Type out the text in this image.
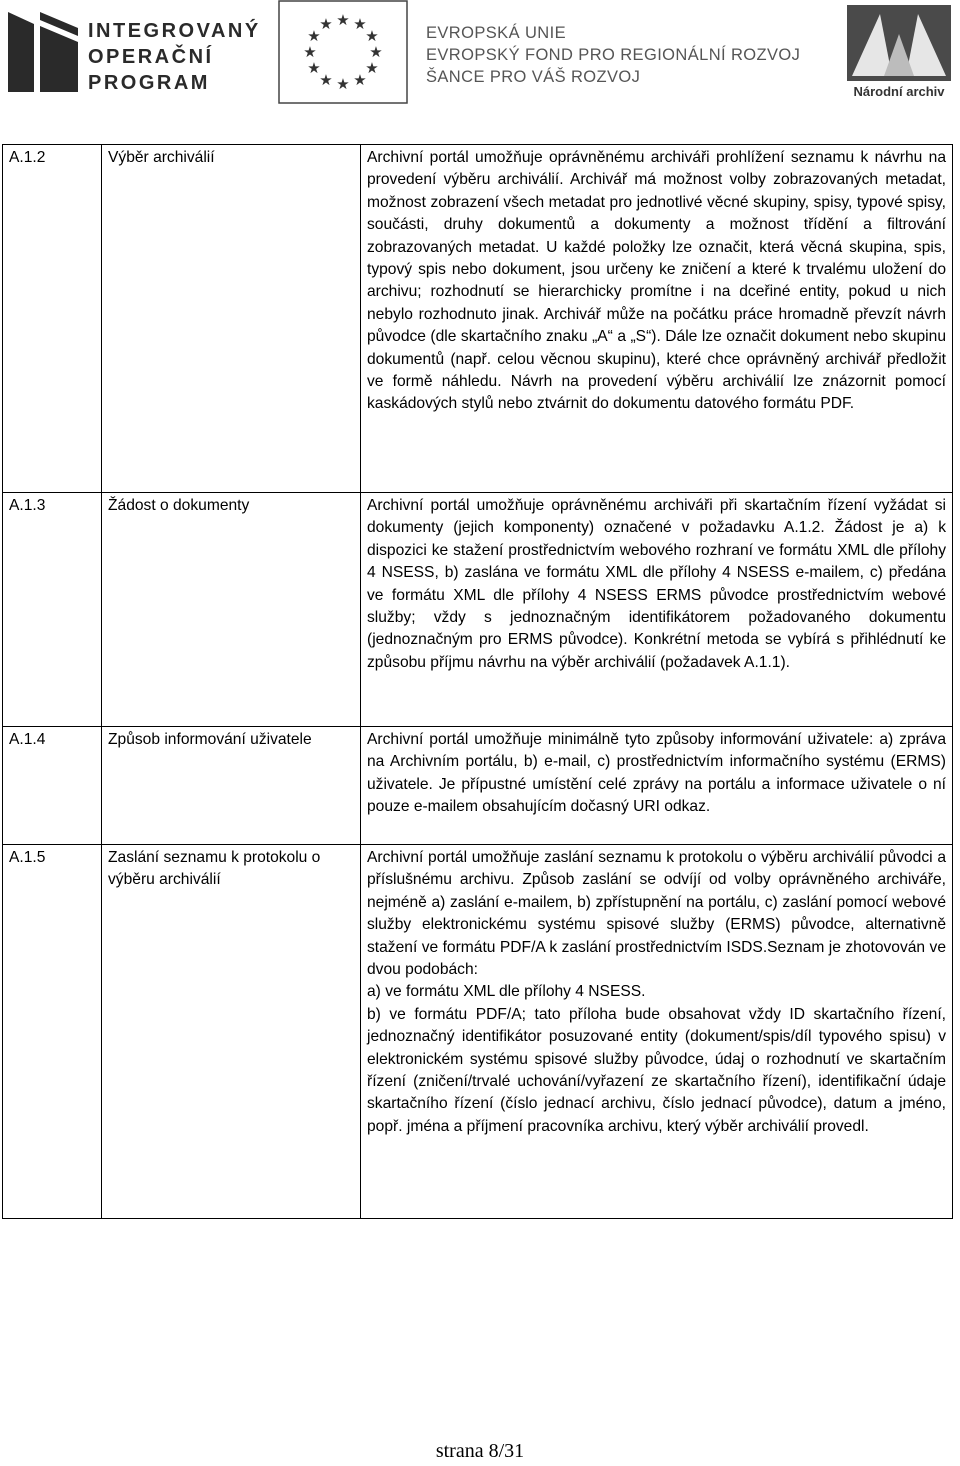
INTEGROVANÝ
OPERAČNÍ
PROGRAM
★ ★
★
★
★
★
★
★
★
★
★
★	EVROPSKÁ UNIE
EVROPSKÝ FOND PRO REGIONÁLNÍ ROZVOJ
ŠANCE PRO VÁŠ ROZVOJ
Národní archiv
A.1.2	Výběr archiválií	Archivní portál umožňuje oprávněnému archiváři prohlížení seznamu k návrhu na provedení výběru archiválií. Archivář má možnost volby zobrazovaných metadat, možnost zobrazení všech metadat pro jednotlivé věcné skupiny, spisy, typové spisy, součásti, druhy dokumentů a dokumenty a možnost třídění a filtrování zobrazovaných metadat. U každé položky lze označit, která věcná skupina, spis, typový spis nebo dokument, jsou určeny ke zničení a které k trvalému uložení do archivu; rozhodnutí se hierarchicky promítne i na dceřiné entity, pokud u nich nebylo rozhodnuto jinak. Archivář může na počátku práce hromadně převzít návrh původce (dle skartačního znaku „A“ a „S“). Dále lze označit dokument nebo skupinu dokumentů (např. celou věcnou skupinu), které chce oprávněný archivář předložit ve formě náhledu. Návrh na provedení výběru archiválií lze znázornit pomocí kaskádových stylů nebo ztvárnit do dokumentu datového formátu PDF.

A.1.3	Žádost o dokumenty	Archivní portál umožňuje oprávněnému archiváři při skartačním řízení vyžádat si dokumenty (jejich komponenty) označené v požadavku A.1.2. Žádost je a) k dispozici ke stažení prostřednictvím webového rozhraní ve formátu XML dle přílohy 4 NSESS, b) zaslána ve formátu XML dle přílohy 4 NSESS e-mailem, c) předána ve formátu XML dle přílohy 4 NSESS ERMS původce prostřednictvím webové služby; vždy s jednoznačným identifikátorem požadovaného dokumentu (jednoznačným pro ERMS původce). Konkrétní metoda se vybírá s přihlédnutí ke způsobu příjmu návrhu na výběr archiválií (požadavek A.1.1).

A.1.4	Způsob informování uživatele	Archivní portál umožňuje minimálně tyto způsoby informování uživatele: a) zpráva na Archivním portálu, b) e-mail, c) prostřednictvím informačního systému (ERMS) uživatele. Je přípustné umístění celé zprávy na portálu a informace uživatele o ní pouze e-mailem obsahujícím dočasný URI odkaz.

A.1.5	Zaslání seznamu k protokolu o výběru archiválií	Archivní portál umožňuje zaslání seznamu k protokolu o výběru archiválií původci a příslušnému archivu. Způsob zaslání se odvíjí od volby oprávněného archiváře, nejméně a) zaslání e-mailem, b) zpřístupnění na portálu, c) zaslání pomocí webové služby elektronickému systému spisové služby (ERMS) původce, alternativně stažení ve formátu PDF/A k zaslání prostřednictvím ISDS.Seznam je zhotovován ve dvou podobách:

a) ve formátu XML dle přílohy 4 NSESS.

b) ve formátu PDF/A; tato příloha bude obsahovat vždy ID skartačního řízení, jednoznačný identifikátor posuzované entity (dokument/spis/díl typového spisu) v elektronickém systému spisové služby původce, údaj o rozhodnutí ve skartačním řízení (zničení/trvalé uchování/vyřazení ze skartačního řízení), identifikační údaje skartačního řízení (číslo jednací archivu, číslo jednací původce), datum a jméno, popř. jména a příjmení pracovníka archivu, který výběr archiválií provedl.

strana 8/31
